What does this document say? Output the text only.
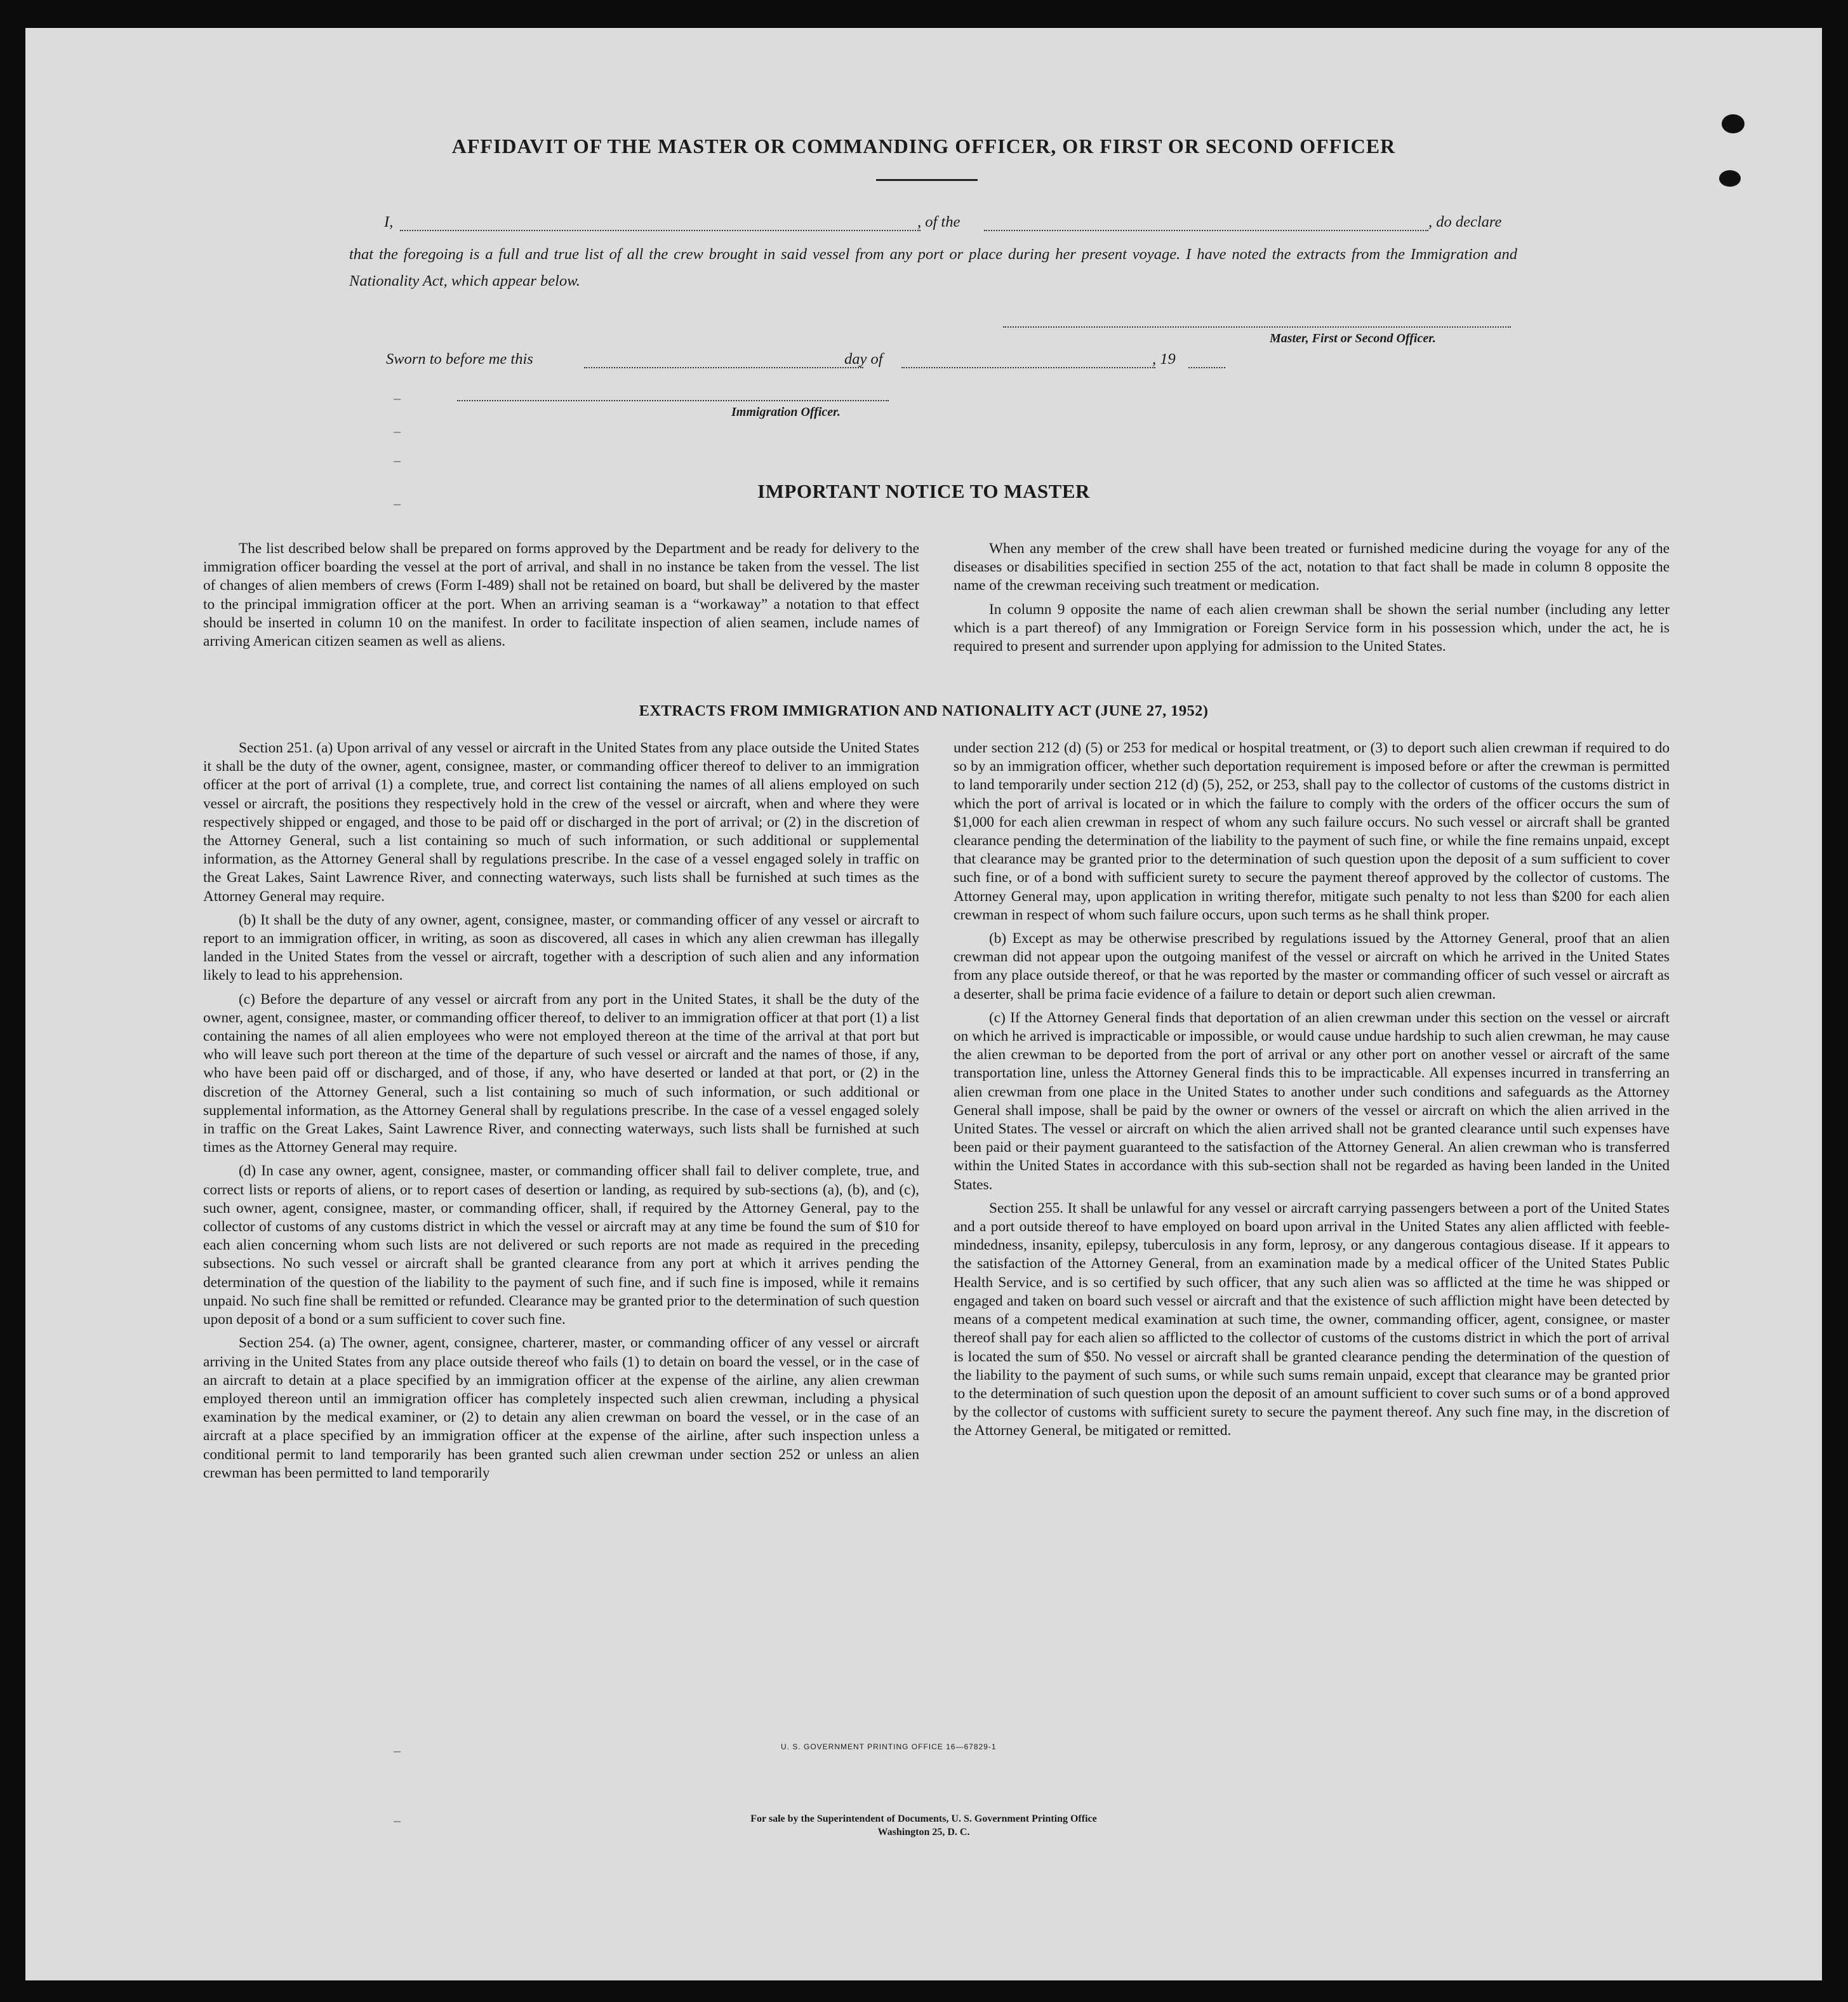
AFFIDAVIT OF THE MASTER OR COMMANDING OFFICER, OR FIRST OR SECOND OFFICER
I,	, of the	, do declare
that the foregoing is a full and true list of all the crew brought in said vessel from any port or place during her present voyage. I have noted the extracts from the Immigration and Nationality Act, which appear below.
Master, First or Second Officer.
Sworn to before me this	day of	, 19
Immigration Officer.
–
–
–
–
IMPORTANT NOTICE TO MASTER

The list described below shall be prepared on forms approved by the Department and be ready for delivery to the immigration officer boarding the vessel at the port of arrival, and shall in no instance be taken from the vessel. The list of changes of alien members of crews (Form I-489) shall not be retained on board, but shall be delivered by the master to the principal immigration officer at the port. When an arriving seaman is a “workaway” a notation to that effect should be inserted in column 10 on the manifest. In order to facilitate inspection of alien seamen, include names of arriving American citizen seamen as well as aliens.

When any member of the crew shall have been treated or furnished medicine during the voyage for any of the diseases or disabilities specified in section 255 of the act, notation to that fact shall be made in column 8 opposite the name of the crewman receiving such treatment or medication.

In column 9 opposite the name of each alien crewman shall be shown the serial number (including any letter which is a part thereof) of any Immigration or Foreign Service form in his possession which, under the act, he is required to present and surrender upon applying for admission to the United States.

EXTRACTS FROM IMMIGRATION AND NATIONALITY ACT (JUNE 27, 1952)

Section 251. (a) Upon arrival of any vessel or aircraft in the United States from any place outside the United States it shall be the duty of the owner, agent, consignee, master, or commanding officer thereof to deliver to an immigration officer at the port of arrival (1) a complete, true, and correct list containing the names of all aliens employed on such vessel or aircraft, the positions they respectively hold in the crew of the vessel or aircraft, when and where they were respectively shipped or engaged, and those to be paid off or discharged in the port of arrival; or (2) in the discretion of the Attorney General, such a list containing so much of such information, or such additional or supplemental information, as the Attorney General shall by regulations prescribe. In the case of a vessel engaged solely in traffic on the Great Lakes, Saint Lawrence River, and connecting waterways, such lists shall be furnished at such times as the Attorney General may require.

(b) It shall be the duty of any owner, agent, consignee, master, or commanding officer of any vessel or aircraft to report to an immigration officer, in writing, as soon as discovered, all cases in which any alien crewman has illegally landed in the United States from the vessel or aircraft, together with a description of such alien and any information likely to lead to his apprehension.

(c) Before the departure of any vessel or aircraft from any port in the United States, it shall be the duty of the owner, agent, consignee, master, or commanding officer thereof, to deliver to an immigration officer at that port (1) a list containing the names of all alien employees who were not employed thereon at the time of the arrival at that port but who will leave such port thereon at the time of the departure of such vessel or aircraft and the names of those, if any, who have been paid off or discharged, and of those, if any, who have deserted or landed at that port, or (2) in the discretion of the Attorney General, such a list containing so much of such information, or such additional or supplemental information, as the Attorney General shall by regulations prescribe. In the case of a vessel engaged solely in traffic on the Great Lakes, Saint Lawrence River, and connecting waterways, such lists shall be furnished at such times as the Attorney General may require.

(d) In case any owner, agent, consignee, master, or commanding officer shall fail to deliver complete, true, and correct lists or reports of aliens, or to report cases of desertion or landing, as required by sub-sections (a), (b), and (c), such owner, agent, consignee, master, or commanding officer, shall, if required by the Attorney General, pay to the collector of customs of any customs district in which the vessel or aircraft may at any time be found the sum of $10 for each alien concerning whom such lists are not delivered or such reports are not made as required in the preceding subsections. No such vessel or aircraft shall be granted clearance from any port at which it arrives pending the determination of the question of the liability to the payment of such fine, and if such fine is imposed, while it remains unpaid. No such fine shall be remitted or refunded. Clearance may be granted prior to the determination of such question upon deposit of a bond or a sum sufficient to cover such fine.

Section 254. (a) The owner, agent, consignee, charterer, master, or commanding officer of any vessel or aircraft arriving in the United States from any place outside thereof who fails (1) to detain on board the vessel, or in the case of an aircraft to detain at a place specified by an immigration officer at the expense of the airline, any alien crewman employed thereon until an immigration officer has completely inspected such alien crewman, including a physical examination by the medical examiner, or (2) to detain any alien crewman on board the vessel, or in the case of an aircraft at a place specified by an immigration officer at the expense of the airline, after such inspection unless a conditional permit to land temporarily has been granted such alien crewman under section 252 or unless an alien crewman has been permitted to land temporarily

under section 212 (d) (5) or 253 for medical or hospital treatment, or (3) to deport such alien crewman if required to do so by an immigration officer, whether such deportation requirement is imposed before or after the crewman is permitted to land temporarily under section 212 (d) (5), 252, or 253, shall pay to the collector of customs of the customs district in which the port of arrival is located or in which the failure to comply with the orders of the officer occurs the sum of $1,000 for each alien crewman in respect of whom any such failure occurs. No such vessel or aircraft shall be granted clearance pending the determination of the liability to the payment of such fine, or while the fine remains unpaid, except that clearance may be granted prior to the determination of such question upon the deposit of a sum sufficient to cover such fine, or of a bond with sufficient surety to secure the payment thereof approved by the collector of customs. The Attorney General may, upon application in writing therefor, mitigate such penalty to not less than $200 for each alien crewman in respect of whom such failure occurs, upon such terms as he shall think proper.

(b) Except as may be otherwise prescribed by regulations issued by the Attorney General, proof that an alien crewman did not appear upon the outgoing manifest of the vessel or aircraft on which he arrived in the United States from any place outside thereof, or that he was reported by the master or commanding officer of such vessel or aircraft as a deserter, shall be prima facie evidence of a failure to detain or deport such alien crewman.

(c) If the Attorney General finds that deportation of an alien crewman under this section on the vessel or aircraft on which he arrived is impracticable or impossible, or would cause undue hardship to such alien crewman, he may cause the alien crewman to be deported from the port of arrival or any other port on another vessel or aircraft of the same transportation line, unless the Attorney General finds this to be impracticable. All expenses incurred in transferring an alien crewman from one place in the United States to another under such conditions and safeguards as the Attorney General shall impose, shall be paid by the owner or owners of the vessel or aircraft on which the alien arrived in the United States. The vessel or aircraft on which the alien arrived shall not be granted clearance until such expenses have been paid or their payment guaranteed to the satisfaction of the Attorney General. An alien crewman who is transferred within the United States in accordance with this sub-section shall not be regarded as having been landed in the United States.

Section 255. It shall be unlawful for any vessel or aircraft carrying passengers between a port of the United States and a port outside thereof to have employed on board upon arrival in the United States any alien afflicted with feeble-mindedness, insanity, epilepsy, tuberculosis in any form, leprosy, or any dangerous contagious disease. If it appears to the satisfaction of the Attorney General, from an examination made by a medical officer of the United States Public Health Service, and is so certified by such officer, that any such alien was so afflicted at the time he was shipped or engaged and taken on board such vessel or aircraft and that the existence of such affliction might have been detected by means of a competent medical examination at such time, the owner, commanding officer, agent, consignee, or master thereof shall pay for each alien so afflicted to the collector of customs of the customs district in which the port of arrival is located the sum of $50. No vessel or aircraft shall be granted clearance pending the determination of the question of the liability to the payment of such sums, or while such sums remain unpaid, except that clearance may be granted prior to the determination of such question upon the deposit of an amount sufficient to cover such sums or of a bond approved by the collector of customs with sufficient surety to secure the payment thereof. Any such fine may, in the discretion of the Attorney General, be mitigated or remitted.

U. S. GOVERNMENT PRINTING OFFICE 16—67829-1
For sale by the Superintendent of Documents, U. S. Government Printing Office
Washington 25, D. C.
–
–
